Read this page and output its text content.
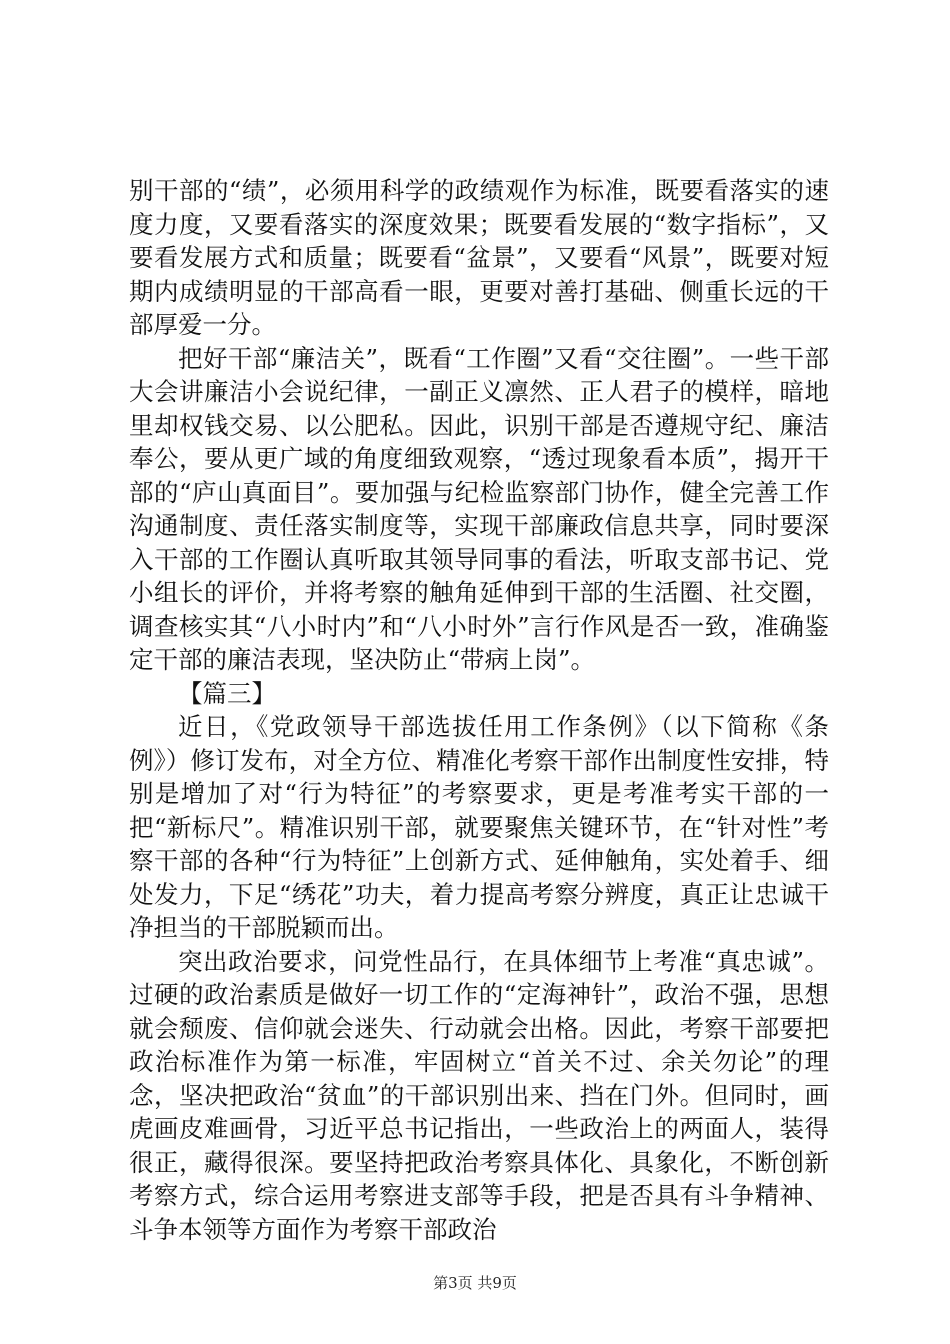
别干部的“绩”，必须用科学的政绩观作为标准，既要看落实的速度力度，又要看落实的深度效果；既要看发展的“数字指标”，又要看发展方式和质量；既要看“盆景”，又要看“风景”，既要对短期内成绩明显的干部高看一眼，更要对善打基础、侧重长远的干部厚爱一分。

把好干部“廉洁关”，既看“工作圈”又看“交往圈”。一些干部大会讲廉洁小会说纪律，一副正义凛然、正人君子的模样，暗地里却权钱交易、以公肥私。因此，识别干部是否遵规守纪、廉洁奉公，要从更广域的角度细致观察，“透过现象看本质”，揭开干部的“庐山真面目”。要加强与纪检监察部门协作，健全完善工作沟通制度、责任落实制度等，实现干部廉政信息共享，同时要深入干部的工作圈认真听取其领导同事的看法，听取支部书记、党小组长的评价，并将考察的触角延伸到干部的生活圈、社交圈，调查核实其“八小时内”和“八小时外”言行作风是否一致，准确鉴定干部的廉洁表现，坚决防止“带病上岗”。

【篇三】

近日，《党政领导干部选拔任用工作条例》（以下简称《条例》）修订发布，对全方位、精准化考察干部作出制度性安排，特别是增加了对“行为特征”的考察要求，更是考准考实干部的一把“新标尺”。精准识别干部，就要聚焦关键环节，在“针对性”考察干部的各种“行为特征”上创新方式、延伸触角，实处着手、细处发力，下足“绣花”功夫，着力提高考察分辨度，真正让忠诚干净担当的干部脱颖而出。

突出政治要求，问党性品行，在具体细节上考准“真忠诚”。过硬的政治素质是做好一切工作的“定海神针”，政治不强，思想就会颓废、信仰就会迷失、行动就会出格。因此，考察干部要把政治标准作为第一标准，牢固树立“首关不过、余关勿论”的理念，坚决把政治“贫血”的干部识别出来、挡在门外。但同时，画虎画皮难画骨，习近平总书记指出，一些政治上的两面人，装得很正，藏得很深。要坚持把政治考察具体化、具象化，不断创新考察方式，综合运用考察进支部等手段，把是否具有斗争精神、斗争本领等方面作为考察干部政治

第3页 共9页
